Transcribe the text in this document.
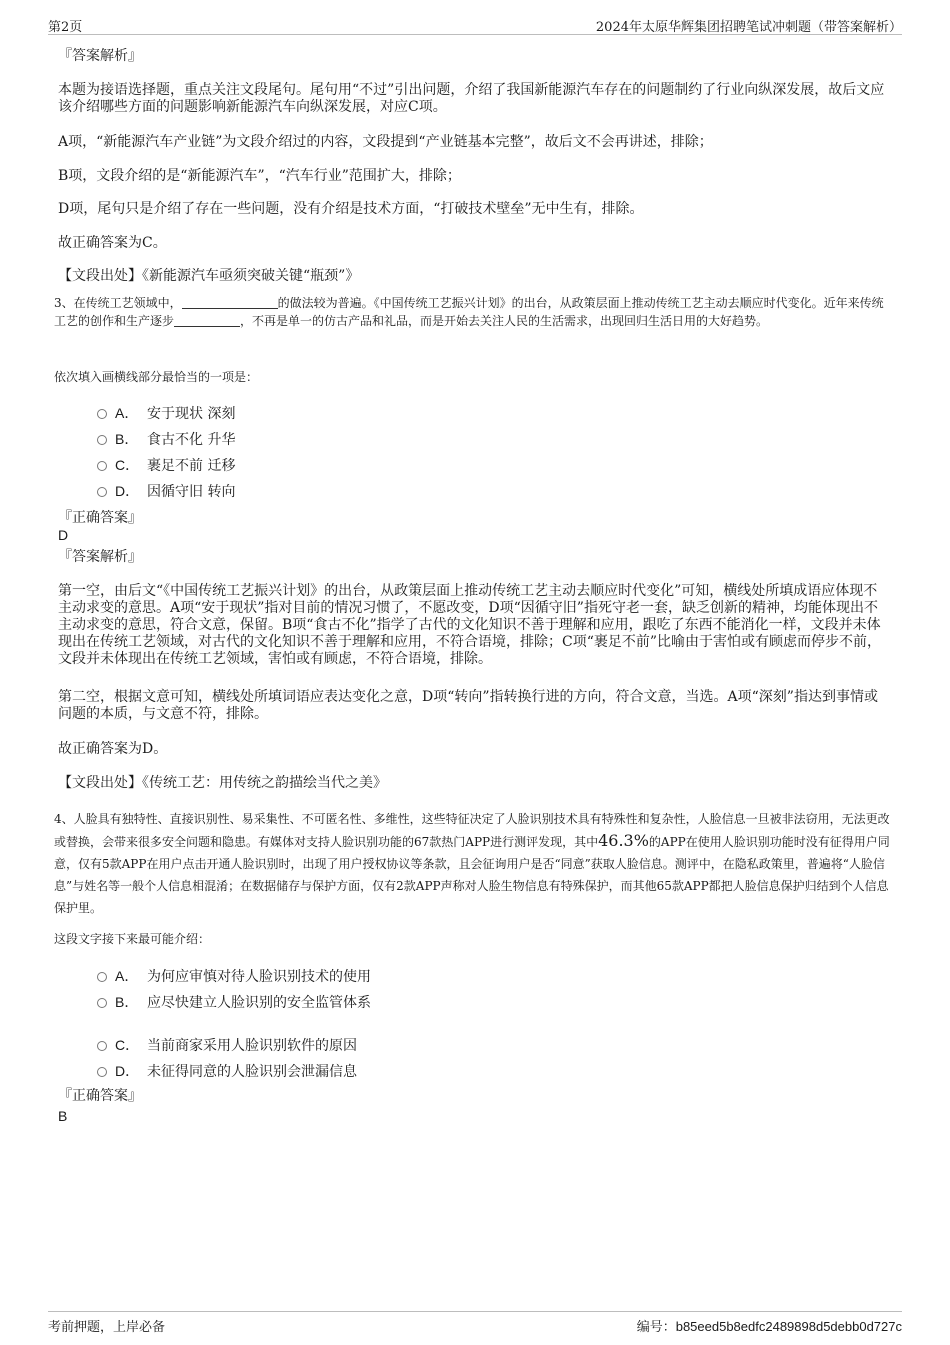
第2页	2024年太原华辉集团招聘笔试冲刺题（带答案解析）
『答案解析』
本题为接语选择题，重点关注文段尾句。尾句用“不过”引出问题，介绍了我国新能源汽车存在的问题制约了行业向纵深发展，故后文应该介绍哪些方面的问题影响新能源汽车向纵深发展，对应C项。
A项，“新能源汽车产业链”为文段介绍过的内容，文段提到“产业链基本完整”，故后文不会再讲述，排除；
B项，文段介绍的是“新能源汽车”，“汽车行业”范围扩大，排除；
D项，尾句只是介绍了存在一些问题，没有介绍是技术方面，“打破技术壁垒”无中生有，排除。
故正确答案为C。
【文段出处】《新能源汽车亟须突破关键“瓶颈”》
3、在传统工艺领域中，	的做法较为普遍。《中国传统工艺振兴计划》的出台，从政策层面上推动传统工艺主动去顺应时代变化。近年来传统工艺的创作和生产逐步	，不再是单一的仿古产品和礼品，而是开始去关注人民的生活需求，出现回归生活日用的大好趋势。
依次填入画横线部分最恰当的一项是：
A． 安于现状 深刻
B． 食古不化 升华
C． 裹足不前 迁移
D． 因循守旧 转向
『正确答案』
D
『答案解析』
第一空，由后文“《中国传统工艺振兴计划》的出台，从政策层面上推动传统工艺主动去顺应时代变化”可知，横线处所填成语应体现不主动求变的意思。A项“安于现状”指对目前的情况习惯了，不愿改变，D项“因循守旧”指死守老一套，缺乏创新的精神，均能体现出不主动求变的意思，符合文意，保留。B项“食古不化”指学了古代的文化知识不善于理解和应用，跟吃了东西不能消化一样，文段并未体现出在传统工艺领域，对古代的文化知识不善于理解和应用，不符合语境，排除；C项“裹足不前”比喻由于害怕或有顾虑而停步不前，文段并未体现出在传统工艺领域，害怕或有顾虑，不符合语境，排除。
第二空，根据文意可知，横线处所填词语应表达变化之意，D项“转向”指转换行进的方向，符合文意，当选。A项“深刻”指达到事情或问题的本质，与文意不符，排除。
故正确答案为D。
【文段出处】《传统工艺：用传统之韵描绘当代之美》
4、人脸具有独特性、直接识别性、易采集性、不可匿名性、多维性，这些特征决定了人脸识别技术具有特殊性和复杂性，人脸信息一旦被非法窃用，无法更改或替换，会带来很多安全问题和隐患。有媒体对支持人脸识别功能的67款热门APP进行测评发现，其中46.3%的APP在使用人脸识别功能时没有征得用户同意，仅有5款APP在用户点击开通人脸识别时，出现了用户授权协议等条款，且会征询用户是否“同意”获取人脸信息。测评中，在隐私政策里，普遍将“人脸信息”与姓名等一般个人信息相混淆；在数据储存与保护方面，仅有2款APP声称对人脸生物信息有特殊保护，而其他65款APP都把人脸信息保护归结到个人信息保护里。
这段文字接下来最可能介绍：
A． 为何应审慎对待人脸识别技术的使用
B． 应尽快建立人脸识别的安全监管体系
C． 当前商家采用人脸识别软件的原因
D． 未征得同意的人脸识别会泄漏信息
『正确答案』
B
考前押题，上岸必备	编号：b85eed5b8edfc2489898d5debb0d727c
